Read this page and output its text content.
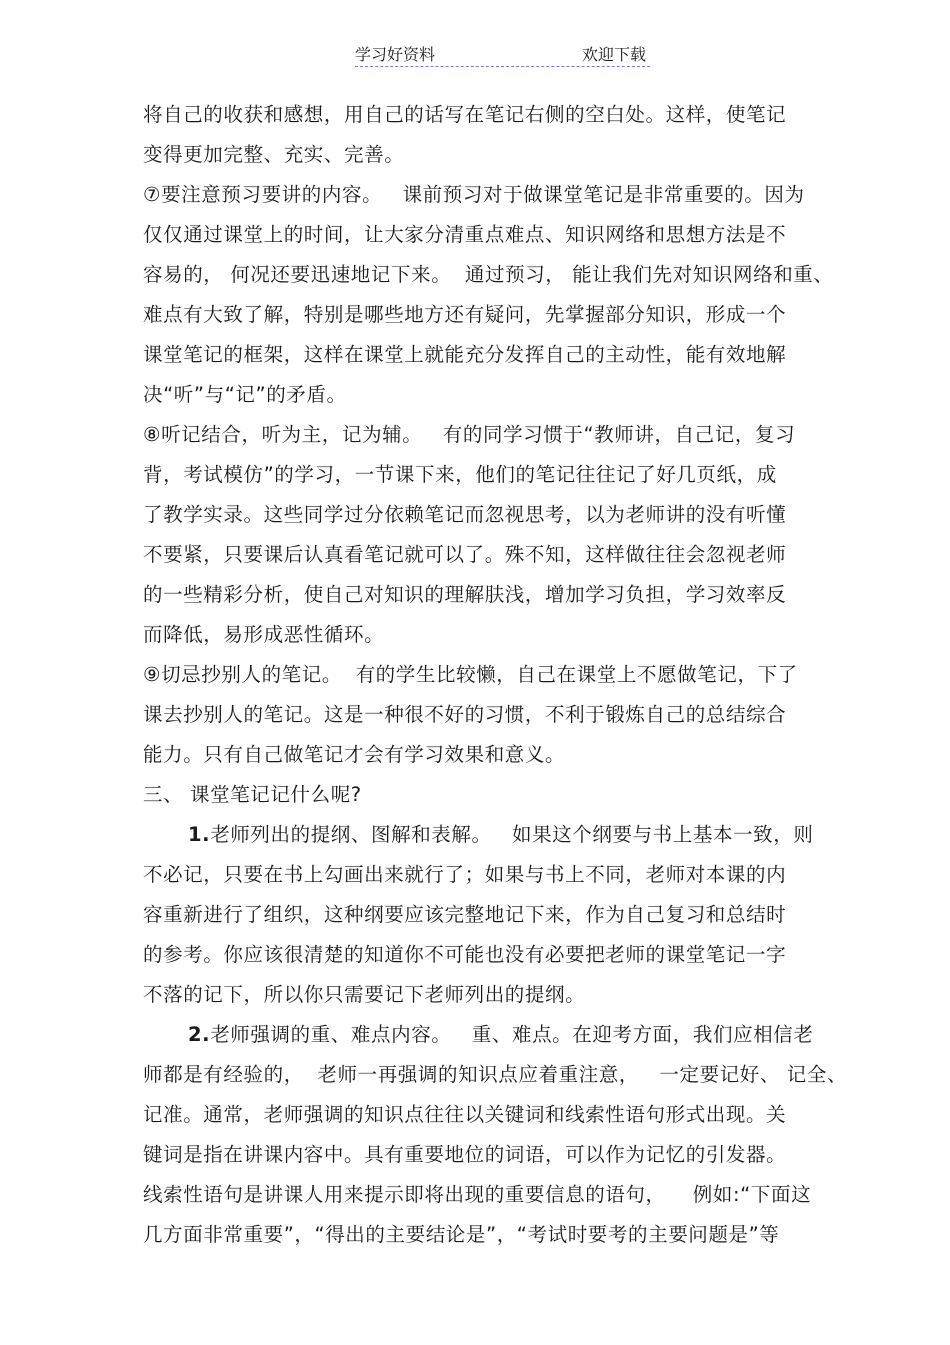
学习好资料	欢迎下载
将自己的收获和感想，用自己的话写在笔记右侧的空白处。这样，使笔记
变得更加完整、充实、完善。
⑦要注意预习要讲的内容。   课前预习对于做课堂笔记是非常重要的。因为
仅仅通过课堂上的时间，让大家分清重点难点、知识网络和思想方法是不
容易的， 何况还要迅速地记下来。  通过预习， 能让我们先对知识网络和重、
难点有大致了解，特别是哪些地方还有疑问，先掌握部分知识，形成一个
课堂笔记的框架，这样在课堂上就能充分发挥自己的主动性，能有效地解
决“听”与“记”的矛盾。
⑧听记结合，听为主，记为辅。   有的同学习惯于“教师讲，自己记，复习
背，考试模仿”的学习，一节课下来，他们的笔记往往记了好几页纸，成
了教学实录。这些同学过分依赖笔记而忽视思考，以为老师讲的没有听懂
不要紧，只要课后认真看笔记就可以了。殊不知，这样做往往会忽视老师
的一些精彩分析，使自己对知识的理解肤浅，增加学习负担，学习效率反
而降低，易形成恶性循环。
⑨切忌抄别人的笔记。  有的学生比较懒，自己在课堂上不愿做笔记，下了
课去抄别人的笔记。这是一种很不好的习惯，不利于锻炼自己的总结综合
能力。只有自己做笔记才会有学习效果和意义。
三、 课堂笔记记什么呢?
1.老师列出的提纲、图解和表解。   如果这个纲要与书上基本一致，则
不必记，只要在书上勾画出来就行了；如果与书上不同，老师对本课的内
容重新进行了组织，这种纲要应该完整地记下来，作为自己复习和总结时
的参考。你应该很清楚的知道你不可能也没有必要把老师的课堂笔记一字
不落的记下，所以你只需要记下老师列出的提纲。
2.老师强调的重、难点内容。   重、难点。在迎考方面，我们应相信老
师都是有经验的，  老师一再强调的知识点应着重注意，   一定要记好、 记全、
记准。通常，老师强调的知识点往往以关键词和线索性语句形式出现。关
键词是指在讲课内容中。具有重要地位的词语，可以作为记忆的引发器。
线索性语句是讲课人用来提示即将出现的重要信息的语句，    例如:“下面这
几方面非常重要”，“得出的主要结论是”，“考试时要考的主要问题是”等
